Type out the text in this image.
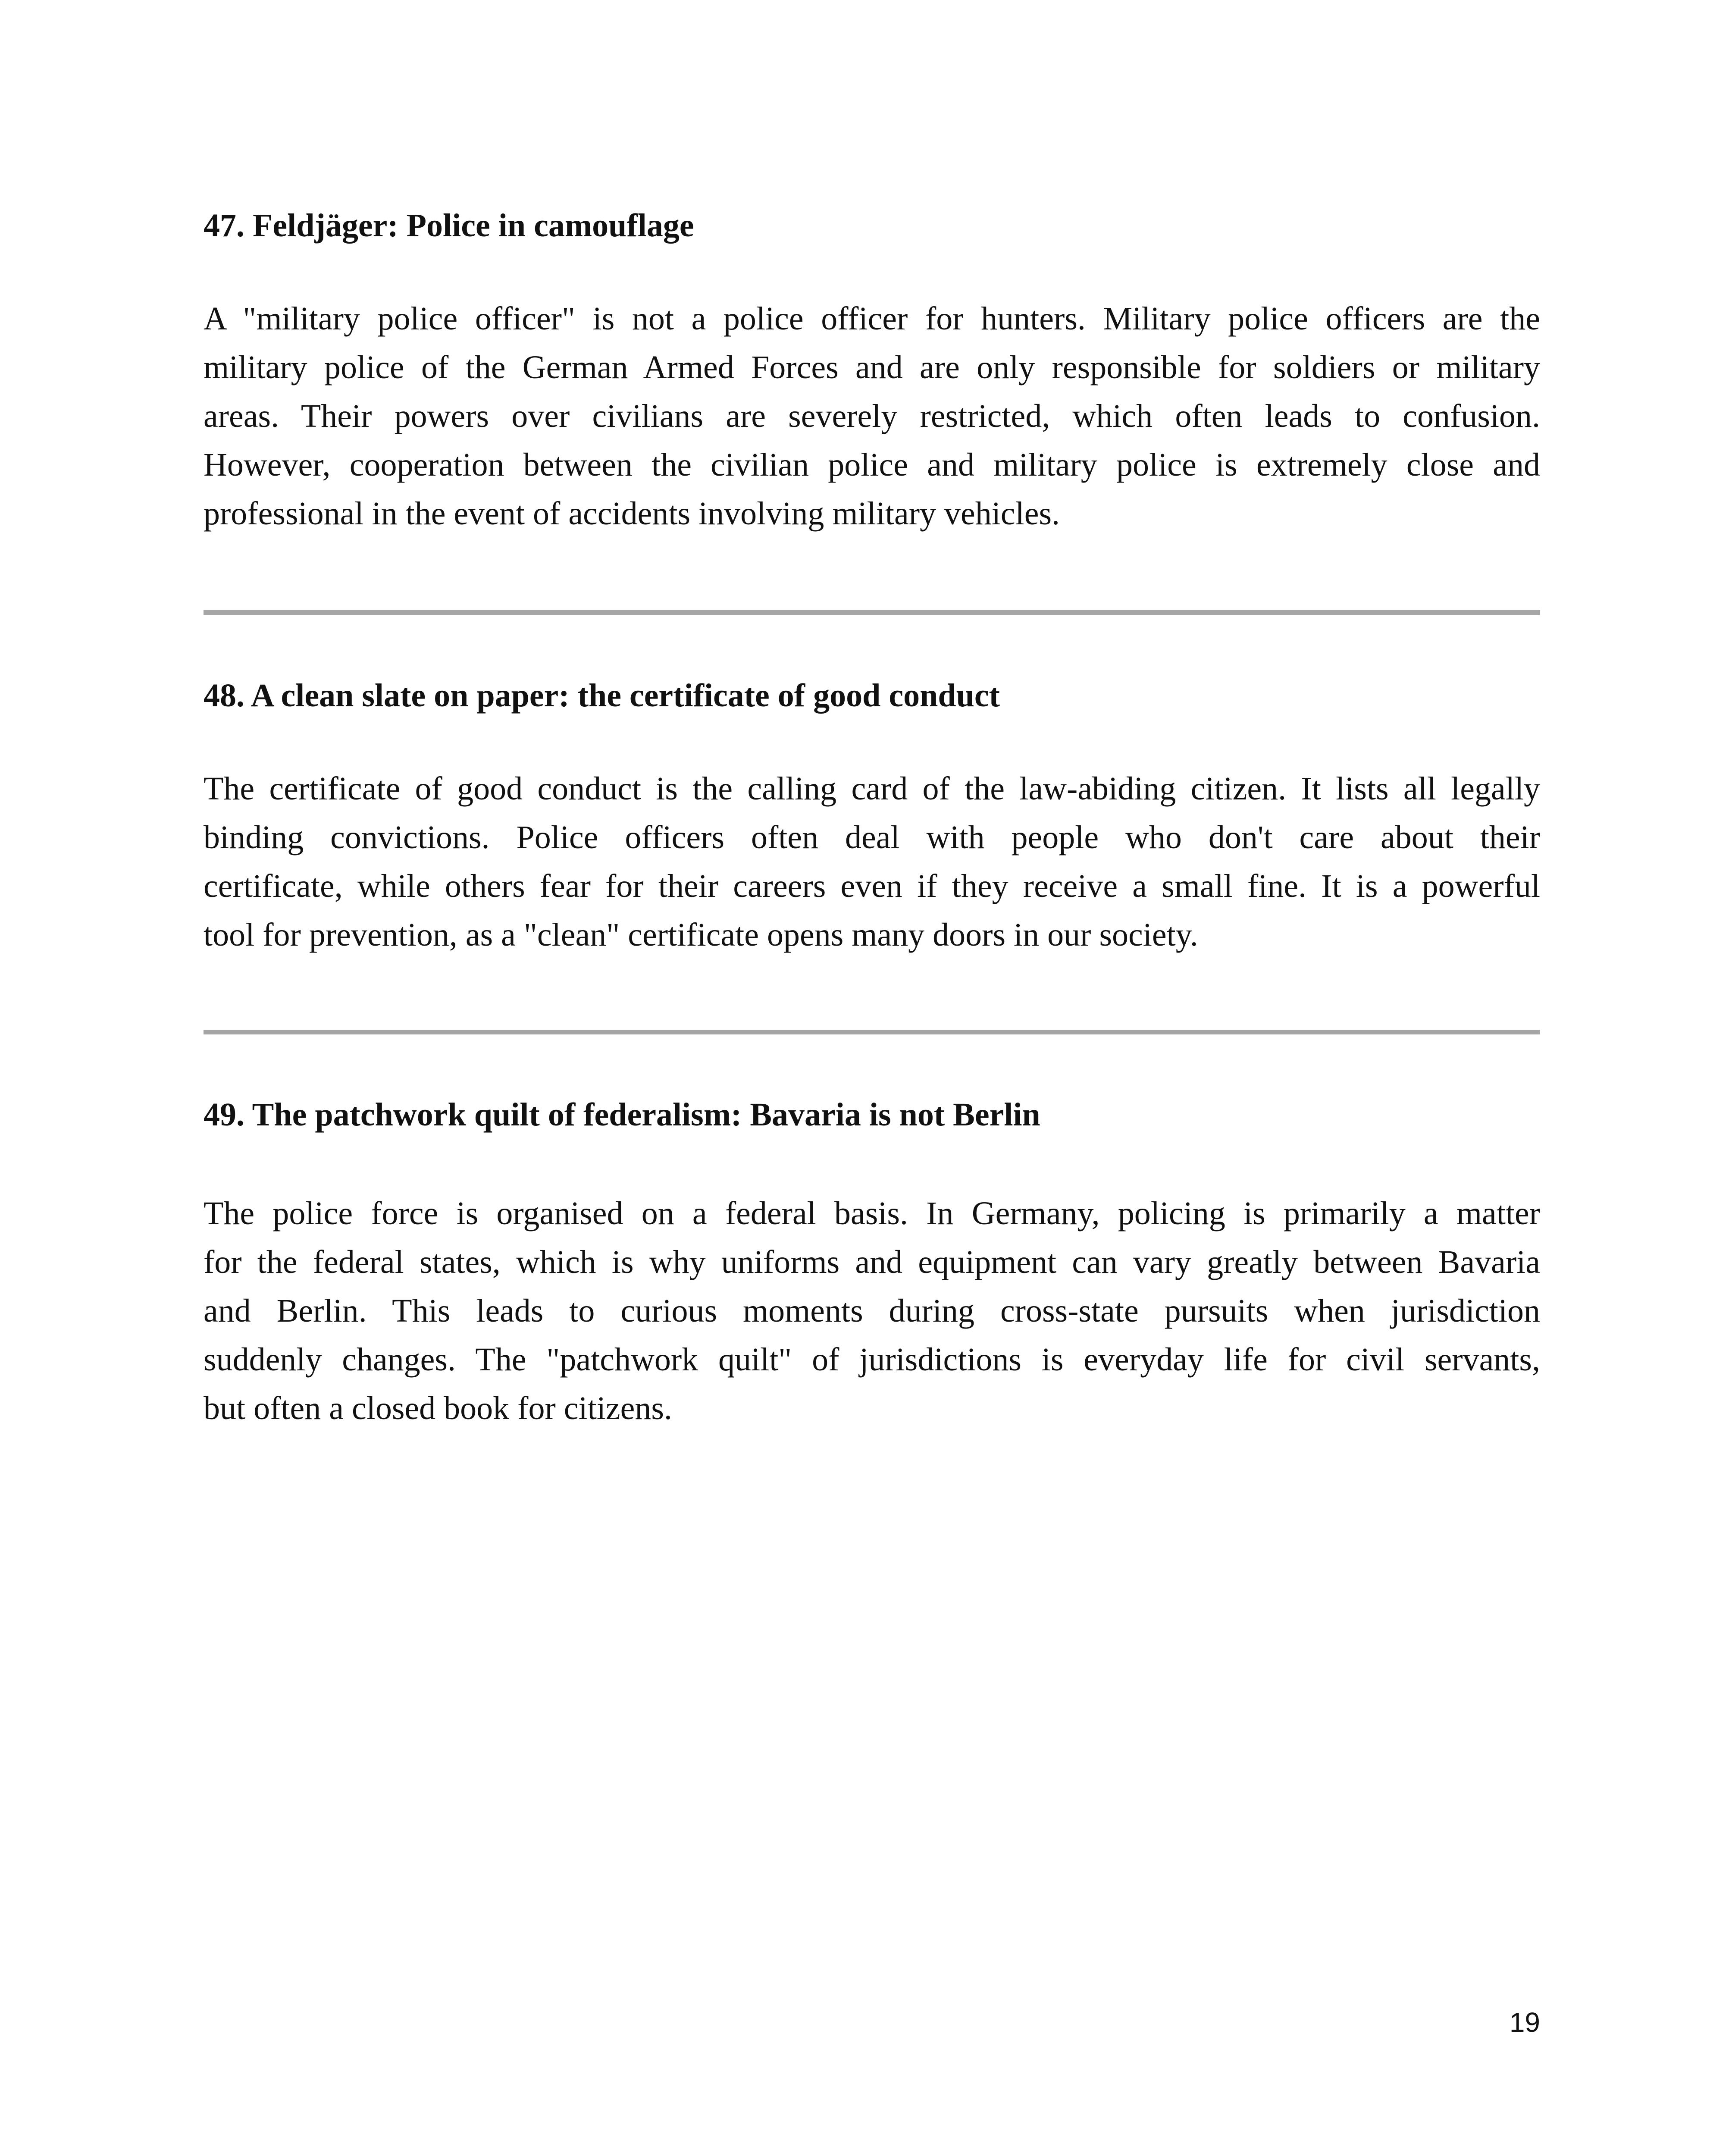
47. Feldjäger: Police in camouflage

A "military police officer" is not a police officer for hunters. Military police officers are the
military police of the German Armed Forces and are only responsible for soldiers or military
areas. Their powers over civilians are severely restricted, which often leads to confusion.
However, cooperation between the civilian police and military police is extremely close and
professional in the event of accidents involving military vehicles.

48. A clean slate on paper: the certificate of good conduct

The certificate of good conduct is the calling card of the law-abiding citizen. It lists all legally
binding convictions. Police officers often deal with people who don't care about their
certificate, while others fear for their careers even if they receive a small fine. It is a powerful
tool for prevention, as a "clean" certificate opens many doors in our society.

49. The patchwork quilt of federalism: Bavaria is not Berlin

The police force is organised on a federal basis. In Germany, policing is primarily a matter
for the federal states, which is why uniforms and equipment can vary greatly between Bavaria
and Berlin. This leads to curious moments during cross-state pursuits when jurisdiction
suddenly changes. The "patchwork quilt" of jurisdictions is everyday life for civil servants,
but often a closed book for citizens.

19
